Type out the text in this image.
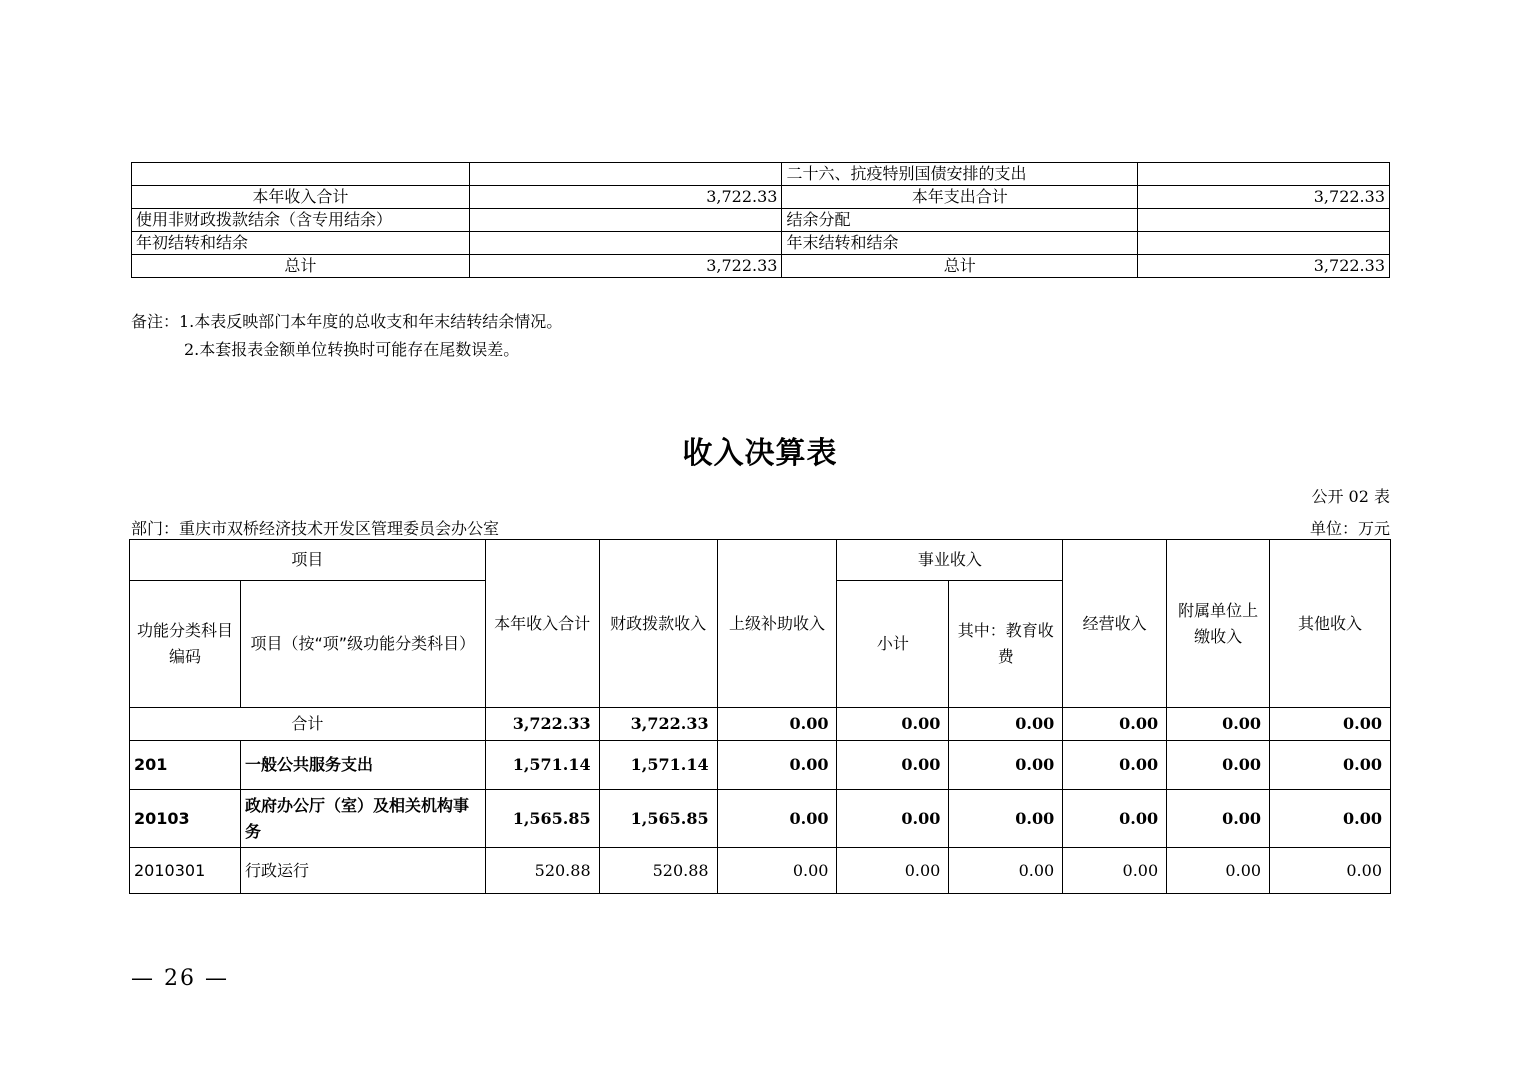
		二十六、抗疫特别国债安排的支出	
本年收入合计	3,722.33	本年支出合计	3,722.33
使用非财政拨款结余（含专用结余）		结余分配	
年初结转和结余		年末结转和结余	
总计	3,722.33	总计	3,722.33
备注：1.本表反映部门本年度的总收支和年末结转结余情况。
2.本套报表金额单位转换时可能存在尾数误差。
收入决算表
公开 02 表
部门：重庆市双桥经济技术开发区管理委员会办公室	单位：万元
项目		本年收入合计	财政拨款收入	上级补助收入	事业收入		经营收入	附属单位上缴收入	其他收入
功能分类科目编码	项目（按“项”级功能分类科目）				小计	其中：教育收费			
合计		3,722.33	3,722.33	0.00	0.00	0.00	0.00	0.00	0.00
201	一般公共服务支出	1,571.14	1,571.14	0.00	0.00	0.00	0.00	0.00	0.00
20103	政府办公厅（室）及相关机构事务	1,565.85	1,565.85	0.00	0.00	0.00	0.00	0.00	0.00
2010301	行政运行	520.88	520.88	0.00	0.00	0.00	0.00	0.00	0.00
— 26 —
